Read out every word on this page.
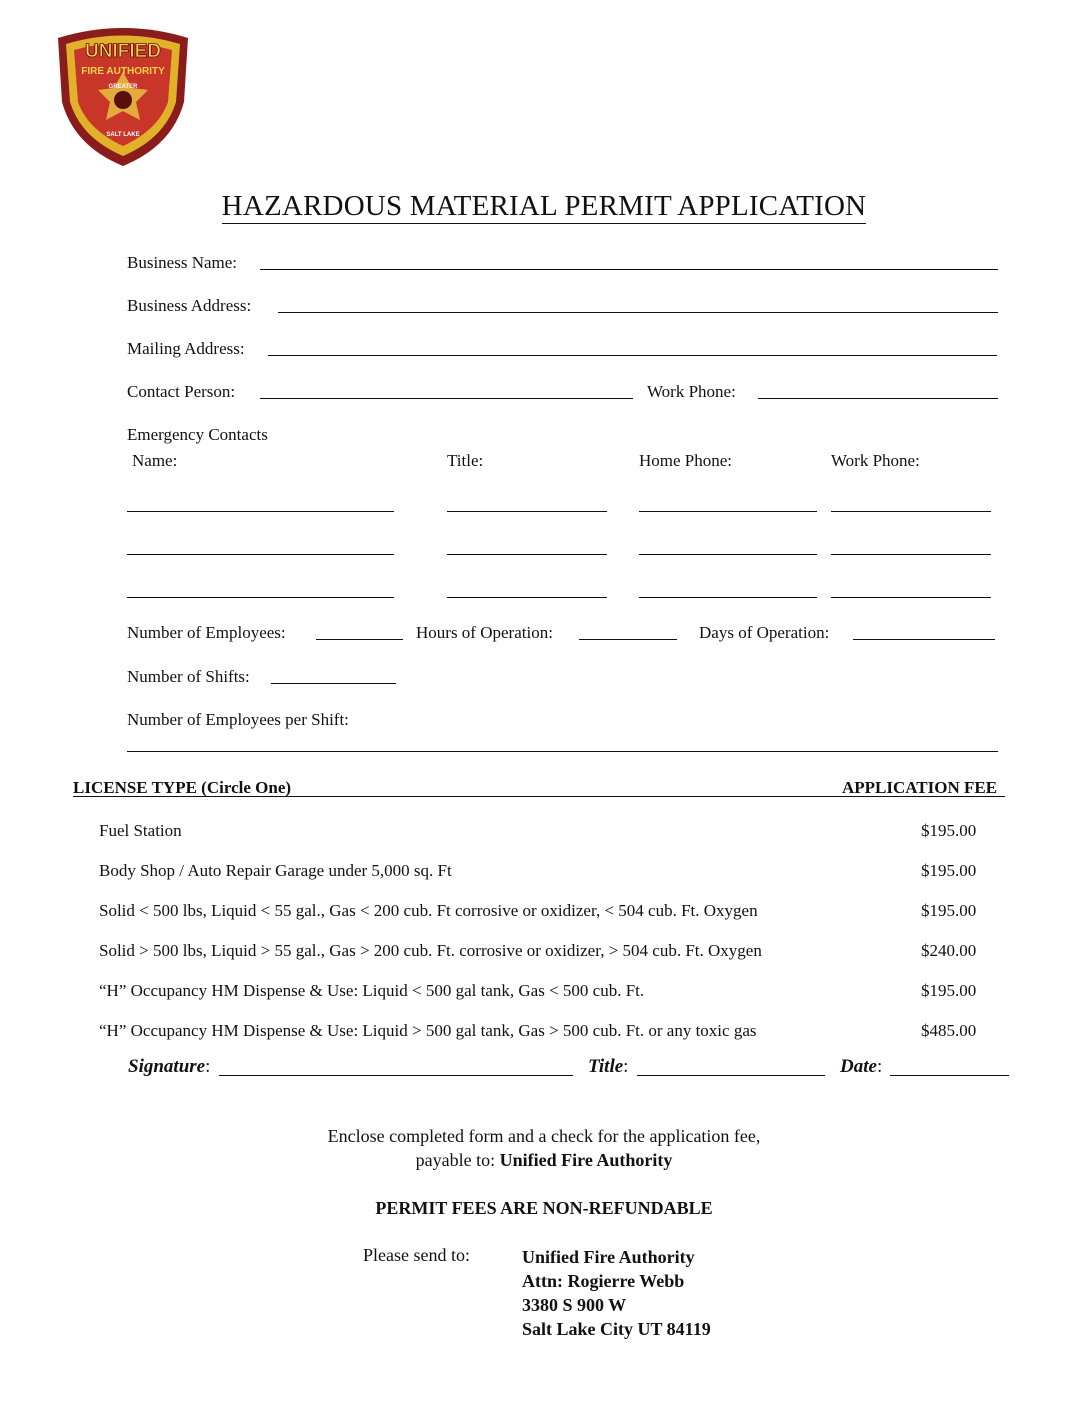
UNIFIED
FIRE AUTHORITY
GREATER
SALT LAKE
HAZARDOUS MATERIAL PERMIT APPLICATION
Business Name:
Business Address:
Mailing Address:
Contact Person:	Work Phone:
Emergency Contacts
Name:	Title:	Home Phone:	Work Phone:
Number of Employees:	Hours of Operation:	Days of Operation:
Number of Shifts:
Number of Employees per Shift:
LICENSE TYPE (Circle One)	APPLICATION FEE
Fuel Station	$195.00
Body Shop / Auto Repair Garage under 5,000 sq. Ft	$195.00
Solid < 500 lbs, Liquid < 55 gal., Gas < 200 cub. Ft corrosive or oxidizer, < 504 cub. Ft. Oxygen	$195.00
Solid > 500 lbs, Liquid > 55 gal., Gas > 200 cub. Ft. corrosive or oxidizer, > 504 cub. Ft. Oxygen	$240.00
“H” Occupancy HM Dispense & Use: Liquid < 500 gal tank, Gas < 500 cub. Ft.	$195.00
“H” Occupancy HM Dispense & Use: Liquid > 500 gal tank, Gas > 500 cub. Ft. or any toxic gas	$485.00
Signature:	Title:	Date:
Enclose completed form and a check for the application fee,
payable to: Unified Fire Authority
PERMIT FEES ARE NON-REFUNDABLE
Please send to:	Unified Fire Authority
Attn: Rogierre Webb
3380 S 900 W
Salt Lake City UT 84119
